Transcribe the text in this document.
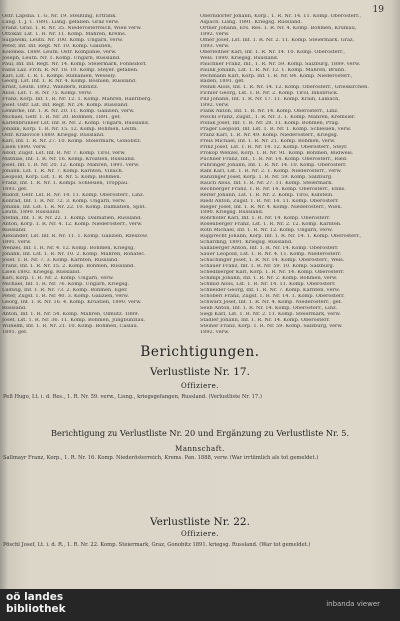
19
Ostr. Lapsna. 1. G. Nr. 19. Steißling, Ertrank.
Lung. 1. J. 1. 1891. Lisng. gefallen. Graz verw.
Franz. Graz. 1. R. Nr. 35. Niederösterreich, Wien verw.
Ottokar. Lst. 1. R. Nr. 11. Komp. Mähren, Krems.
Suljäwski, Leutn. Nr. 100. Komp. Ungarn, verw.
Peter, Inf. Inf. Regt. Nr. 10. Komp. Galizien,
Kolomea. 1889. Leutn. Ostr. Kompanie, verw.
Joseph, Leutn. Nr. 1. Komp. Ungarn, Russland.
Paul, Inf. Inf. Regt. Nr. 14. Komp. Steiermark, Fohnsdorf.
Fabis Laz. Frch. R. Nr. 18. 10. Komp. Steyer. gefallen.
Karl, Lst. 1. R. 1. Kompl. Rumänien, Wessely.
Georg. Lst. Inf. 1. R. Nr. 4. Komp. Bosnien, Russland.
Ernst, Leutn. 1892. Wandern, Ribnitz.
Alois. Lst. 1. R. Nr. 75. Komp. verw.
Franz, Korp. Inf. 1. R. Nr. 12. 1. Komp. Mähren, Ranftberg.
Josef. Ostr. Lst. Inf. Regt. Nr. 24. Komp. Russland.
Lembrke, Inf. 1. R. Nr. 20. 11. Komp. Galizien, verw.
Michael, Gefr. 1. R. Nr. 20. Böhmen, 1891. gef.
Kaltenbrunner Lst. Inf. R. Nr. 2. Komp. Ungarn, Russland.
Johann, Korp. 1. R. Nr. 15. 12. Komp. Böhmen, Leitm.
Ostr. Kralovice 1889. Kriegsg. Russland.
Karl, Inf. 1. R. Nr. 27. 10. Komp. Steiermark, Gonobitz.
Lisen 1890. verw.
Adolf, Zugsf. Lst. Inf. R. Nr. 7. Komp. Tirol, verw.
Mathias, Inf. 1. R. Nr. 16. Komp. Kroatien, Russland.
Josef, Inf. 1. R. Nr. 20. 12. Komp. Mähren, 1891. verw.
Johann. Lst. 1. R. Nr. 7. Komp. Kärnten, Villach.
Leopold, Korp. Lst. 1. R. Nr. 5. Komp. Böhmen.
Franz, Inf. 1. R. Nr. 1. Kompl. Schlesien, Troppau.
1893. gef.
Rudolf, Gefr. Lst. R. Nr. 14. 11. Komp. Oberösterr., Linz.
Konrad, Inf. 1. R. Nr. 72. 3. Komp. Ungarn, verw.
Johann, Inf. Lst. 1. R. Nr. 22. 10. Komp. Dalmatien, Split.
Leutn. 1890. Russland.
Stefan, Inf. 1. R. Nr. 22. 1. Komp. Dalmatien, Russland.
Anton, Korp. 1. R. Nr. 4. 12. Komp. Niederösterr., verw.
Russland.
Alexander, Lst. Inf. R. Nr. 11. 1. Komp. Galizien, Rzeszów.
1891. verw.
Wenzel, Inf. 1. R. Nr. 4. 12. Komp. Böhmen, Kriegsg.
Johann, Inf. Lst. 1. R. Nr. 10. 2. Komp. Mähren, Rohatec.
Josef. 1. R. Nr. 7. 3. Komp. Kärnten, Russland.
Franz, Inf. 1. R. Nr. 15. 2. Komp. Böhmen, Russland.
Lisen 1892. Kriegsg. Russland.
Karl, Korp. 1. R. Nr. 2. Komp. Ungarn, verw.
Michael, Inf. 1. R. Nr. 76. Komp. Ungarn, Kriegsg.
Ludwig, Inf. 1. R. Nr. 73. 2. Komp. Böhmen, Eger.
Peter, Zugsf. 1. R. Nr. 40. 3. Komp. Galizien, verw.
Georg, Inf. 1. R. Nr. 16. 4. Komp. Kroatien, 1890. verw.
Russland.
Anton, Inf. 1. R. Nr. 54. Komp. Mähren, Olmütz. 1889.
Josef, Lst. 1. R. Nr. 36. 11. Komp. Böhmen, Jungbunzlau.
Wilhelm, Inf. 1. R. Nr. 21. 10. Komp. Böhmen, Časlau.
1891. gef.
Oberndorfer Johann, Korp., 1. R. Nr. 14. 11. Komp. Oberösterr.,
Aspach. Lisng. 1891. Kriegsg. Russland.
Ortner Johann, Ers. Res. 1. R. Nr. 4. Komp. Böhmen, Krumau,
1892. verw.
Ofner Josef, Lst. Inf. 1. R. Nr. 2. 11. Komp. Steiermark, Graz,
1893. verw.
Oberleitner Karl, Inf. 1. R. Nr. 14. 10. Komp. Oberösterr.,
Wels. 1890. Kriegsg. Russland.
Pauchner Franz, Inf., 1. R. Nr. 59. Komp. Salzburg, 1889. verw.
Paulik Johann, Lst. 1. R. Nr. 12. 1. Komp. Mähren, Brünn.
Pechmann Karl, Korp. Inf. 1. R. Nr. 84. Komp. Niederösterr.,
Baden, 1891. gef.
Peindl Alois, Inf. 1. R. Nr. 14. 12. Komp. Oberösterr., Grieskirchen.
Pichler Georg, Lst. 1. R. Nr. 2. Komp. Tirol, Innsbruck.
Pilz Johann, Inf. 1. R. Nr. 17. 11. Komp. Krain, Laibach,
1892. verw.
Plank Anton, Inf. 1. R. Nr. 14. Komp. Oberösterr., Linz.
Pöschl Franz, Zugsf., 1. R. Nr. 3. 1. Komp. Mähren, Kremsier.
Pollak Josef, Inf. 1. R. Nr. 28. 11. Komp. Böhmen, Prag.
Prager Leopold, Inf. Lst. 1. R. Nr. 1. Komp. Schlesien, verw.
Pranz Karl, 1. R. Nr. 49. Komp. Niederösterr., Kriegsg.
Preis Michael, Inf. 1. R. Nr. 21. Komp. Böhmen, verw.
Prinz Josef, Lst. 1. R. Nr. 14. 12. Komp. Oberösterr., Steyr.
Prokop Wenzel, Korp. 1. R. Nr. 91. Komp. Böhmen, Budweis.
Puchner Franz, Inf., 1. R. Nr. 14. Komp. Oberösterr., Ried.
Pühringer Johann, Inf. 1. R. Nr. 14. 10. Komp. Oberösterr.
Rabl Karl, Lst. 1. R. Nr. 2. 1. Komp. Niederösterr., verw.
Ranzinger Josef, Korp. 1. R. Nr. 59. Komp. Salzburg.
Rauch Alois, Inf. 1. R. Nr. 27. 11. Komp. Steiermark.
Rechberger Franz, 1. R. Nr. 14. Komp. Oberösterr., Enns.
Reiter Johann, Lst. 1. R. Nr. 2. Komp. Tirol, Kufstein.
Riedl Anton, Zugsf. 1. R. Nr. 14. 11. Komp. Oberösterr.
Rieger Josef, Inf. 1. R. Nr. 4. Komp. Niederösterr., Wien.
1890. Kriegsg. Russland.
Rohrhofer Karl, Inf. 1. R. Nr. 14. Komp. Oberösterr.
Rosenberger Franz, Lst. 1. R. Nr. 2. 12. Komp. Kärnten.
Roth Michael, Inf. 1. R. Nr. 12. Komp. Ungarn, verw.
Rupprecht Johann, Korp. Inf. 1. R. Nr. 14. 1. Komp. Oberösterr.,
Schärding, 1891. Kriegsg. Russland.
Sallaberger Anton, Inf. 1. R. Nr. 14. Komp. Oberösterr.
Sauer Leopold, Lst. 1. R. Nr. 4. 11. Komp. Niederösterr.
Schachinger Josef, 1. R. Nr. 14. Komp. Oberösterr., Wels.
Schauer Franz, Inf. 1. R. Nr. 59. 10. Komp. Salzburg.
Schedlberger Karl, Korp. 1. R. Nr. 14. Komp. Oberösterr.
Schimpl Johann, Inf. 1. R. Nr. 2. Komp. Böhmen, verw.
Schmid Alois, Lst. 1. R. Nr. 14. 11. Komp. Oberösterr.
Schneider Georg, Inf. 1. R. Nr. 7. Komp. Kärnten, verw.
Schöberl Franz, Zugsf. 1. R. Nr. 14. 1. Komp. Oberösterr.
Schwarz Josef, Inf. 1. R. Nr. 4. Komp. Niederösterr., gef.
Seidl Anton, Inf. 1. R. Nr. 14. Komp. Oberösterr., Linz.
Siegl Karl, Lst. 1. R. Nr. 2. 11. Komp. Steiermark, verw.
Stadler Johann, Inf. 1. R. Nr. 14. Komp. Oberösterr.
Steiner Franz, Korp. 1. R. Nr. 59. Komp. Salzburg, verw.
1892. verw.
Berichtigungen.
Verlustliste Nr. 17.
Offiziere.
Peß Hugo, Lt. i. d. Res., 1. R. Nr. 59. verw., Lisng., kriegsgefangen, Russland. (Verlustliste Nr. 17.)
Berichtigung zu Verlustliste Nr. 20 und Ergänzung zu Verlustliste Nr. 5.
Mannschaft.
Sallmayr Franz, Korp., 1. R. Nr. 16. Komp. Niederösterreich, Krems. Pan. 1888, verw. (War irrtümlich als tot gemeldet.)
Verlustliste Nr. 22.
Offiziere.
Pöschl Josef, Lt. i. d. R., 1. R. Nr. 22. Komp. Steiermark, Graz, Gonobitz 1891. kriegsg. Russland. (War tot gemeldet.)
oö landes
bibliothek	inbanda viewer
